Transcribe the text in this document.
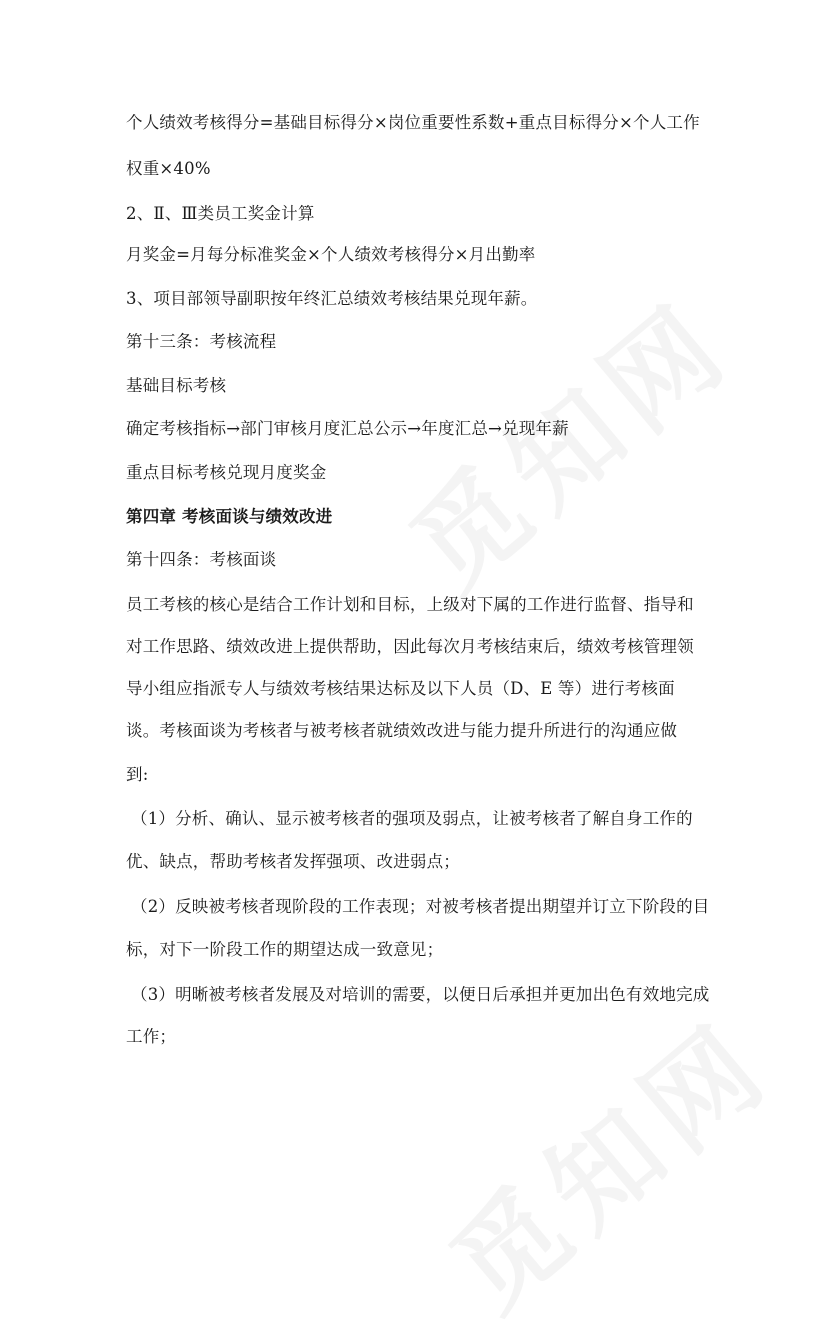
个人绩效考核得分=基础目标得分×岗位重要性系数+重点目标得分×个人工作
权重×40%
2、Ⅱ、Ⅲ类员工奖金计算
月奖金=月每分标准奖金×个人绩效考核得分×月出勤率
3、项目部领导副职按年终汇总绩效考核结果兑现年薪。
第十三条：考核流程
基础目标考核
确定考核指标→部门审核月度汇总公示→年度汇总→兑现年薪
重点目标考核兑现月度奖金
第四章 考核面谈与绩效改进
第十四条：考核面谈
员工考核的核心是结合工作计划和目标，上级对下属的工作进行监督、指导和
对工作思路、绩效改进上提供帮助，因此每次月考核结束后，绩效考核管理领
导小组应指派专人与绩效考核结果达标及以下人员（D、E 等）进行考核面
谈。考核面谈为考核者与被考核者就绩效改进与能力提升所进行的沟通应做
到:
（1）分析、确认、显示被考核者的强项及弱点，让被考核者了解自身工作的
优、缺点，帮助考核者发挥强项、改进弱点；
（2）反映被考核者现阶段的工作表现；对被考核者提出期望并订立下阶段的目
标，对下一阶段工作的期望达成一致意见；
（3）明晰被考核者发展及对培训的需要，以便日后承担并更加出色有效地完成
工作；
